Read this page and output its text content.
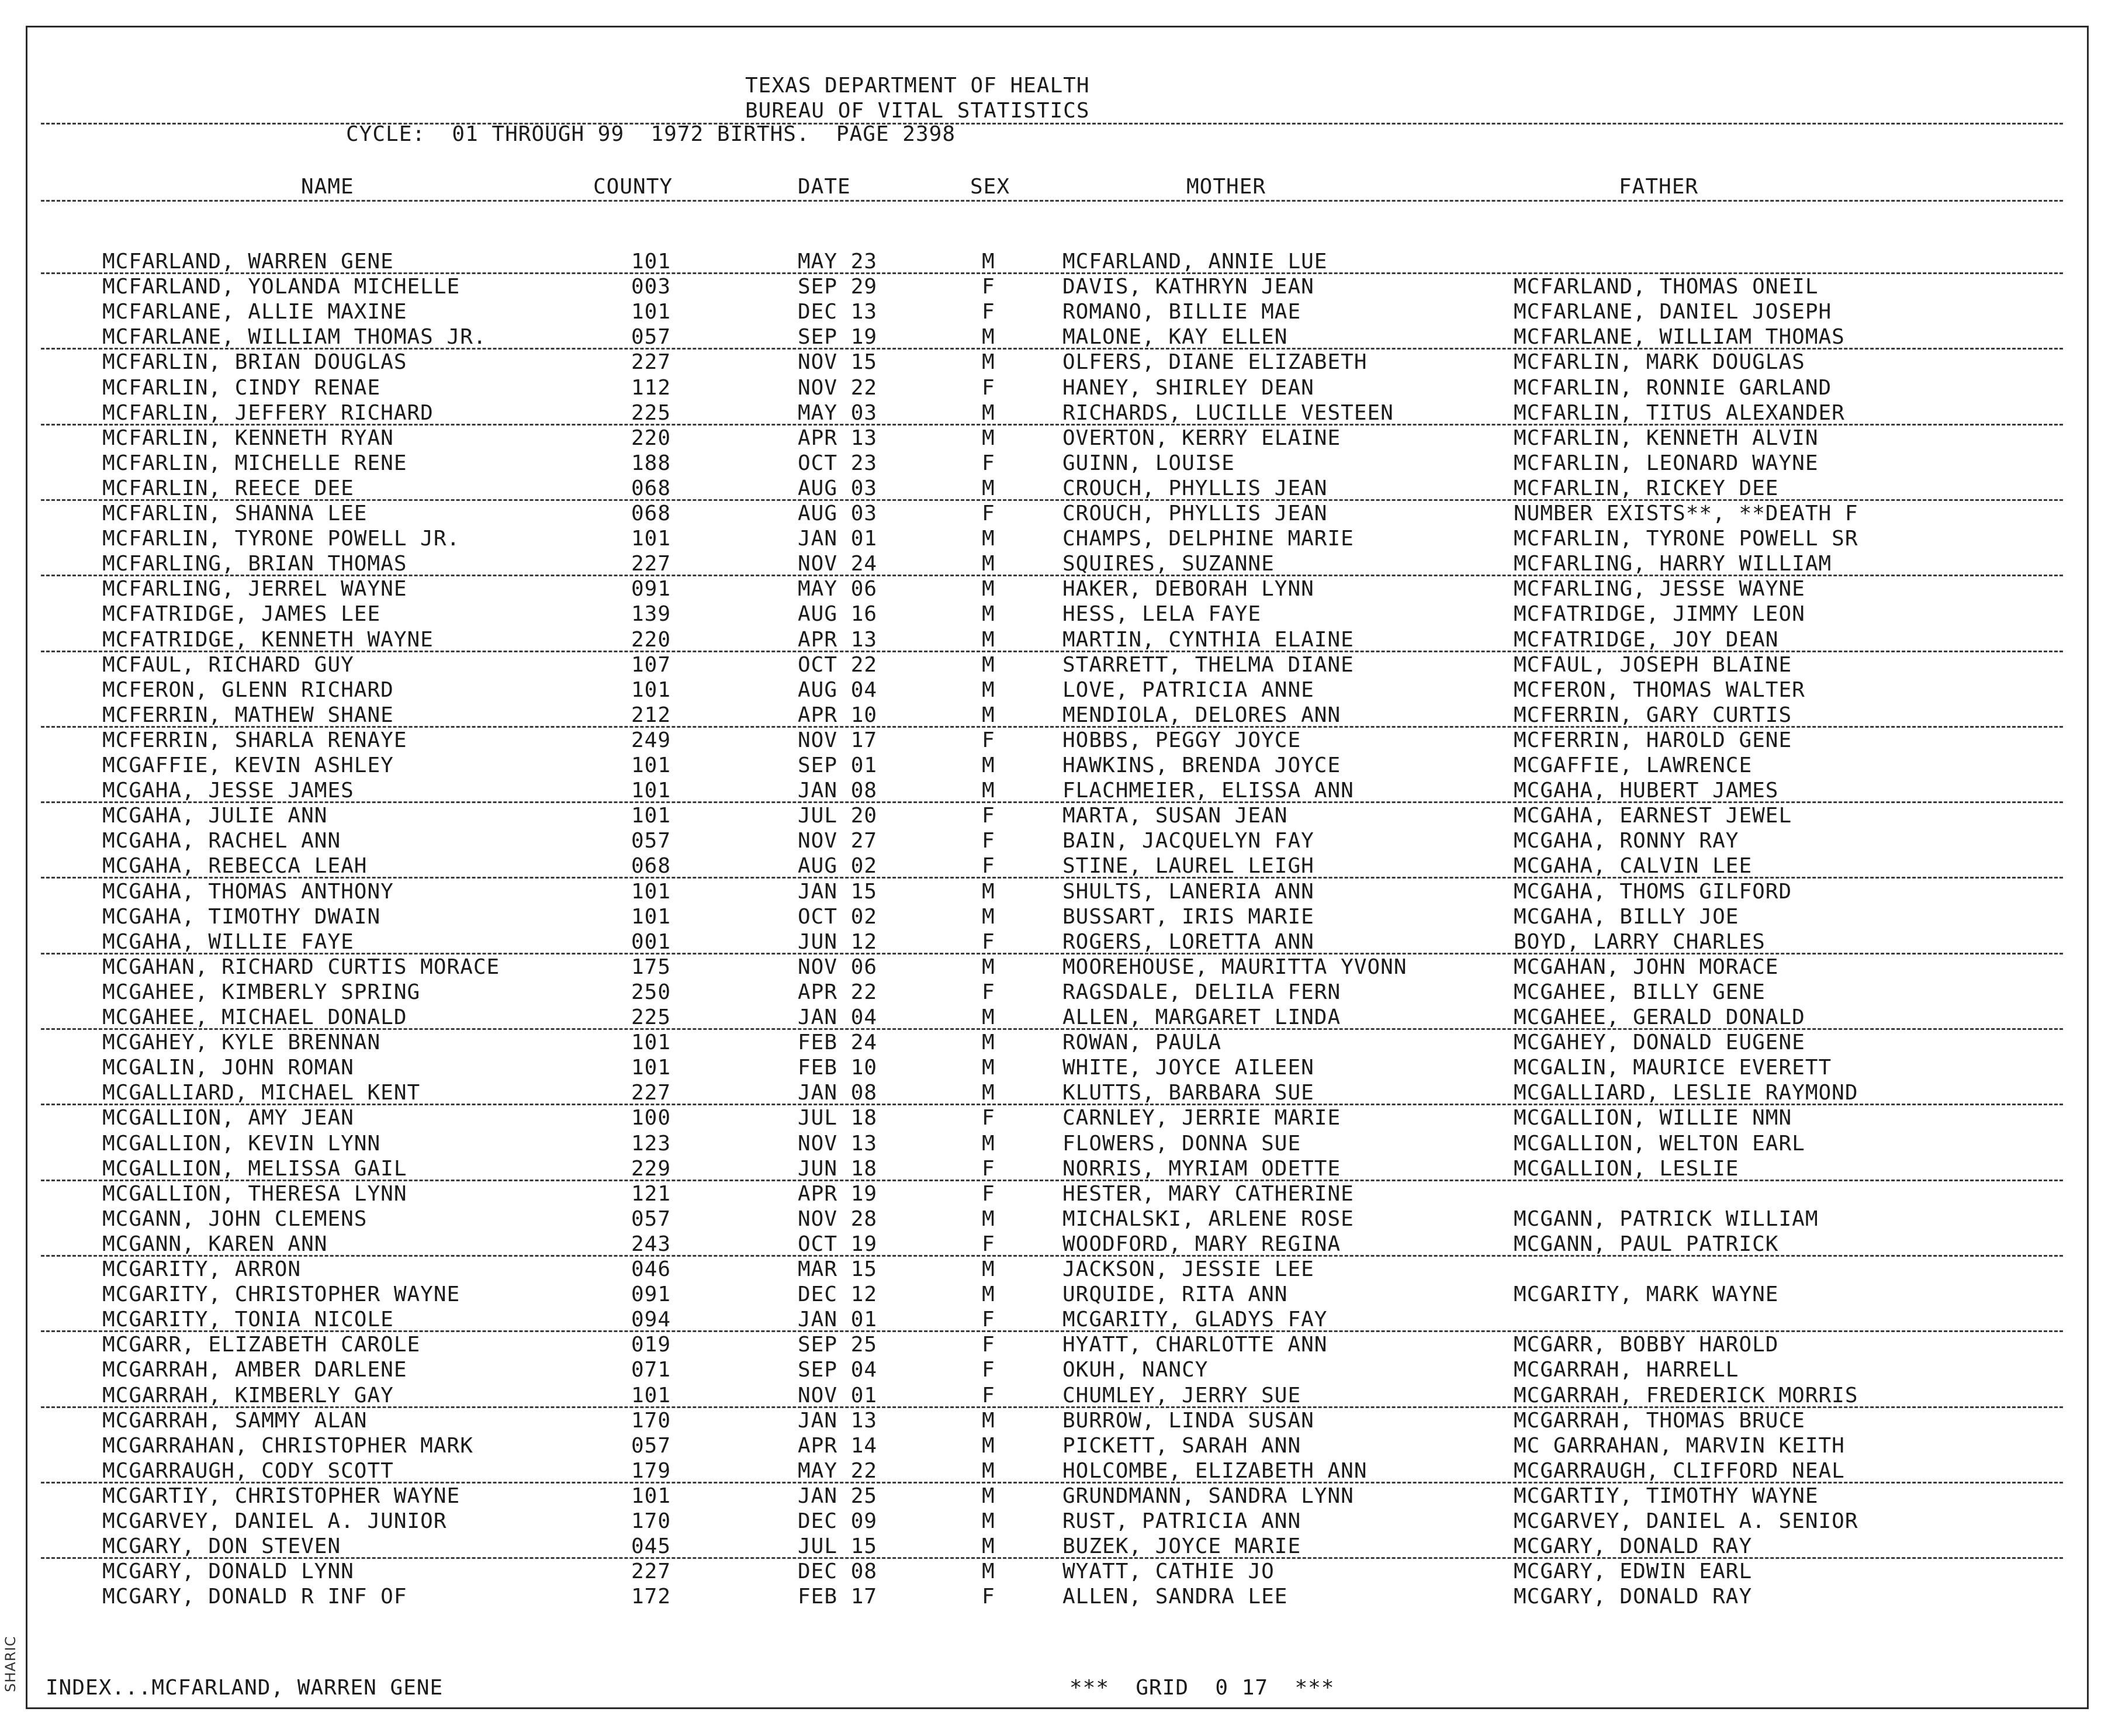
TEXAS DEPARTMENT OF HEALTH
BUREAU OF VITAL STATISTICS
CYCLE:  01 THROUGH 99  1972 BIRTHS.  PAGE 2398
NAME	COUNTY	DATE	SEX	MOTHER	FATHER
MCFARLAND, WARREN GENE	101	MAY 23	M	MCFARLAND, ANNIE LUE
MCFARLAND, YOLANDA MICHELLE	003	SEP 29	F	DAVIS, KATHRYN JEAN	MCFARLAND, THOMAS ONEIL
MCFARLANE, ALLIE MAXINE	101	DEC 13	F	ROMANO, BILLIE MAE	MCFARLANE, DANIEL JOSEPH
MCFARLANE, WILLIAM THOMAS JR.	057	SEP 19	M	MALONE, KAY ELLEN	MCFARLANE, WILLIAM THOMAS
MCFARLIN, BRIAN DOUGLAS	227	NOV 15	M	OLFERS, DIANE ELIZABETH	MCFARLIN, MARK DOUGLAS
MCFARLIN, CINDY RENAE	112	NOV 22	F	HANEY, SHIRLEY DEAN	MCFARLIN, RONNIE GARLAND
MCFARLIN, JEFFERY RICHARD	225	MAY 03	M	RICHARDS, LUCILLE VESTEEN	MCFARLIN, TITUS ALEXANDER
MCFARLIN, KENNETH RYAN	220	APR 13	M	OVERTON, KERRY ELAINE	MCFARLIN, KENNETH ALVIN
MCFARLIN, MICHELLE RENE	188	OCT 23	F	GUINN, LOUISE	MCFARLIN, LEONARD WAYNE
MCFARLIN, REECE DEE	068	AUG 03	M	CROUCH, PHYLLIS JEAN	MCFARLIN, RICKEY DEE
MCFARLIN, SHANNA LEE	068	AUG 03	F	CROUCH, PHYLLIS JEAN	NUMBER EXISTS**, **DEATH F
MCFARLIN, TYRONE POWELL JR.	101	JAN 01	M	CHAMPS, DELPHINE MARIE	MCFARLIN, TYRONE POWELL SR
MCFARLING, BRIAN THOMAS	227	NOV 24	M	SQUIRES, SUZANNE	MCFARLING, HARRY WILLIAM
MCFARLING, JERREL WAYNE	091	MAY 06	M	HAKER, DEBORAH LYNN	MCFARLING, JESSE WAYNE
MCFATRIDGE, JAMES LEE	139	AUG 16	M	HESS, LELA FAYE	MCFATRIDGE, JIMMY LEON
MCFATRIDGE, KENNETH WAYNE	220	APR 13	M	MARTIN, CYNTHIA ELAINE	MCFATRIDGE, JOY DEAN
MCFAUL, RICHARD GUY	107	OCT 22	M	STARRETT, THELMA DIANE	MCFAUL, JOSEPH BLAINE
MCFERON, GLENN RICHARD	101	AUG 04	M	LOVE, PATRICIA ANNE	MCFERON, THOMAS WALTER
MCFERRIN, MATHEW SHANE	212	APR 10	M	MENDIOLA, DELORES ANN	MCFERRIN, GARY CURTIS
MCFERRIN, SHARLA RENAYE	249	NOV 17	F	HOBBS, PEGGY JOYCE	MCFERRIN, HAROLD GENE
MCGAFFIE, KEVIN ASHLEY	101	SEP 01	M	HAWKINS, BRENDA JOYCE	MCGAFFIE, LAWRENCE
MCGAHA, JESSE JAMES	101	JAN 08	M	FLACHMEIER, ELISSA ANN	MCGAHA, HUBERT JAMES
MCGAHA, JULIE ANN	101	JUL 20	F	MARTA, SUSAN JEAN	MCGAHA, EARNEST JEWEL
MCGAHA, RACHEL ANN	057	NOV 27	F	BAIN, JACQUELYN FAY	MCGAHA, RONNY RAY
MCGAHA, REBECCA LEAH	068	AUG 02	F	STINE, LAUREL LEIGH	MCGAHA, CALVIN LEE
MCGAHA, THOMAS ANTHONY	101	JAN 15	M	SHULTS, LANERIA ANN	MCGAHA, THOMS GILFORD
MCGAHA, TIMOTHY DWAIN	101	OCT 02	M	BUSSART, IRIS MARIE	MCGAHA, BILLY JOE
MCGAHA, WILLIE FAYE	001	JUN 12	F	ROGERS, LORETTA ANN	BOYD, LARRY CHARLES
MCGAHAN, RICHARD CURTIS MORACE	175	NOV 06	M	MOOREHOUSE, MAURITTA YVONN	MCGAHAN, JOHN MORACE
MCGAHEE, KIMBERLY SPRING	250	APR 22	F	RAGSDALE, DELILA FERN	MCGAHEE, BILLY GENE
MCGAHEE, MICHAEL DONALD	225	JAN 04	M	ALLEN, MARGARET LINDA	MCGAHEE, GERALD DONALD
MCGAHEY, KYLE BRENNAN	101	FEB 24	M	ROWAN, PAULA	MCGAHEY, DONALD EUGENE
MCGALIN, JOHN ROMAN	101	FEB 10	M	WHITE, JOYCE AILEEN	MCGALIN, MAURICE EVERETT
MCGALLIARD, MICHAEL KENT	227	JAN 08	M	KLUTTS, BARBARA SUE	MCGALLIARD, LESLIE RAYMOND
MCGALLION, AMY JEAN	100	JUL 18	F	CARNLEY, JERRIE MARIE	MCGALLION, WILLIE NMN
MCGALLION, KEVIN LYNN	123	NOV 13	M	FLOWERS, DONNA SUE	MCGALLION, WELTON EARL
MCGALLION, MELISSA GAIL	229	JUN 18	F	NORRIS, MYRIAM ODETTE	MCGALLION, LESLIE
MCGALLION, THERESA LYNN	121	APR 19	F	HESTER, MARY CATHERINE
MCGANN, JOHN CLEMENS	057	NOV 28	M	MICHALSKI, ARLENE ROSE	MCGANN, PATRICK WILLIAM
MCGANN, KAREN ANN	243	OCT 19	F	WOODFORD, MARY REGINA	MCGANN, PAUL PATRICK
MCGARITY, ARRON	046	MAR 15	M	JACKSON, JESSIE LEE
MCGARITY, CHRISTOPHER WAYNE	091	DEC 12	M	URQUIDE, RITA ANN	MCGARITY, MARK WAYNE
MCGARITY, TONIA NICOLE	094	JAN 01	F	MCGARITY, GLADYS FAY
MCGARR, ELIZABETH CAROLE	019	SEP 25	F	HYATT, CHARLOTTE ANN	MCGARR, BOBBY HAROLD
MCGARRAH, AMBER DARLENE	071	SEP 04	F	OKUH, NANCY	MCGARRAH, HARRELL
MCGARRAH, KIMBERLY GAY	101	NOV 01	F	CHUMLEY, JERRY SUE	MCGARRAH, FREDERICK MORRIS
MCGARRAH, SAMMY ALAN	170	JAN 13	M	BURROW, LINDA SUSAN	MCGARRAH, THOMAS BRUCE
MCGARRAHAN, CHRISTOPHER MARK	057	APR 14	M	PICKETT, SARAH ANN	MC GARRAHAN, MARVIN KEITH
MCGARRAUGH, CODY SCOTT	179	MAY 22	M	HOLCOMBE, ELIZABETH ANN	MCGARRAUGH, CLIFFORD NEAL
MCGARTIY, CHRISTOPHER WAYNE	101	JAN 25	M	GRUNDMANN, SANDRA LYNN	MCGARTIY, TIMOTHY WAYNE
MCGARVEY, DANIEL A. JUNIOR	170	DEC 09	M	RUST, PATRICIA ANN	MCGARVEY, DANIEL A. SENIOR
MCGARY, DON STEVEN	045	JUL 15	M	BUZEK, JOYCE MARIE	MCGARY, DONALD RAY
MCGARY, DONALD LYNN	227	DEC 08	M	WYATT, CATHIE JO	MCGARY, EDWIN EARL
MCGARY, DONALD R INF OF	172	FEB 17	F	ALLEN, SANDRA LEE	MCGARY, DONALD RAY
INDEX...MCFARLAND, WARREN GENE	***  GRID  0 17  ***
SHARIC
